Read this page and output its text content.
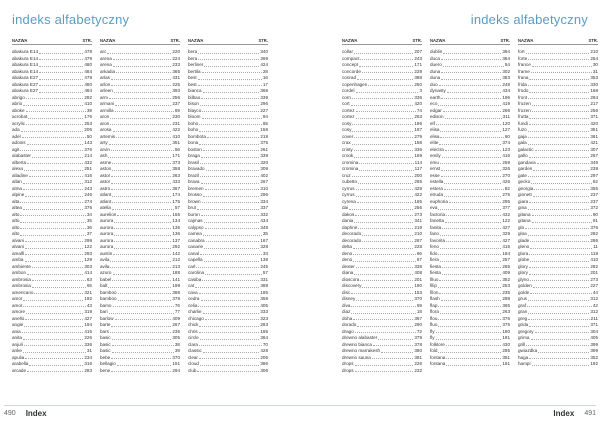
indeks alfabetyczny
NAZWA	STR.
abakura E14	478
abakura E14	479
abakura E14	480
abakura E14	484
abakura E27	479
abakura E27	480
abakura E27	484
abrigo	282
abrio	410
aboke	39
acrobat	176
acrylic	253
ada	206
adel	50
adonis	143
agit	376
alabaster	214
alberta	432
alexa	251
alladine	416
allan	312
alma	243
alpine	246
alta	274
altea	376
alto	34
alto	35
alto	36
alto	37
alvani	299
alvani	122
amalfi	293
amba	129
ambiente	303
ambon	414
ambrosia	63
ambrosia	65
americano	321
amor	192
amor	43
amore	319
anello	427
angie	194
ania	415
anita	226
anjuli	336
anke	31
apulia	234
arabella	316
arcade	283
NAZWA	STR.
arc	220
arena	224
arena	233
arkadia	365
arlas	431
arlon	225
arleen	393
arm	256
armani	237
armilla	69
aron	230
aron	231
arosa	422
artemis	410
arty	351
arvin	56
ash	171
asme	373
aston	358
astor	263
astor	433
astro	367
atlant	174
atlant	175
atella	57
aurelion	155
aurora	134
aurora	135
aurora	136
aurora	137
aurora	292
austin	142
avila	212
avila	213
azuro	188
babel	141
balt	199
bamboo	388
bamboo	378
bamo	76
bari	77
barlow	409
barte	267
bars	235
basic	305
basic	38
basic	39
bebe	370
bellagio	151
bene	294
NAZWA	STR.
bera	340
bera	369
berliner	424
bertila	28
best	16
best	17
bianca	368
bilbao	339
bison	296
blayco	227
bloom	94
boho	85
boho	158
bombota	218
bona	375
boston	261
braga	339
brasil	320
bravado	309
brazil	402
brava	267
bremen	310
brosso	296
brown	334
brut	337
buron	332
cajmas	434
calypso	348
camea	35
canabra	167
canarie	328
canal	33
capella	138
carl	245
carolina	57
casiba	331
cat	389
cava	185
cedra	358
celia	405
charlie	333
chicago	323
chick	283
chris	185
circle	364
clara	70
classic	428
clear	205
cloud	386
club	306
490 Index
indeks alfabetyczny
NAZWA	STR.
collar	207
compact	243
concept	171
concorde	229
conrad	388
copenhagen	250
cordel	3
corn	336
cort	420
cortez	74
cortez	263
cosy	186
cosy	187
cover	279
crax	158
cristy	336
crook	169
cromina	114
cromina	117
cruz	200
cubetto	265
cyrrus	429
cyrrus	422
cyrena	165
dai	256
dakos	273
dania	341
daphne	219
decorado	210
decorado	267
delta	228
deno	66
deno	67
dexter	338
diana	408
dioscora	201
discovery	190
disc	153
disney	370
diva	69
diaz	18
doha	367
dorado	290
drago	72
drewno alabaster	379
drewno bianca	378
drewno marrakesh	380
drewno sauna	381
drops	226
drops	232
NAZWA	STR.
dublin	394
duca	364
duero	54
duna	302
duna	383
duo	248
dynasty	434
earth	196
eco	419
edgar	266
edison	311
elf	120
elisa	127
elisa	60
elite	374
electra	123
emily	416
emu	259
ernst	326
esse	270
estella	426
estera	82
etruda	275
euphoria	295
eva	377
factoria	432
fanetta	122
fanita	427
fano	329
favorita	427
feno	415
fido	184
fiera	257
fiesta	265
fiesta	409
filuo	352
filip	253
filon	235
flash	298
flap	365
flora	263
flou	376
fluo	375
fly	180
fly	181
folklore	430
fold	285
fontana	351
fontana	161
NAZWA	STR.
fort	210
forte	254
france	30
frame	31
frana	353
frida	330
frodo	168
front	284
frozen	217
frozen	256
frutta	371
fundi	420
fuzo	351
gaja	361
gala	421
galactic	307
gallo	267
gandava	349
garden	239
gate	297
gecko	62
georgia	355
ginnett	237
giara	237
gina	372
gitana	90
gitana	91
glo	376
gloa	282
glade	286
gleno	11
glora	118
globe	410
glory	282
glory	201
glyno	273
golden	227
golde	44
grus	312
graf	42
gran	312
greg	211
grida	371
gregory	304
grima	405
grill	399
gwiazdka	399
haga	352
hampi	192
Index 491
